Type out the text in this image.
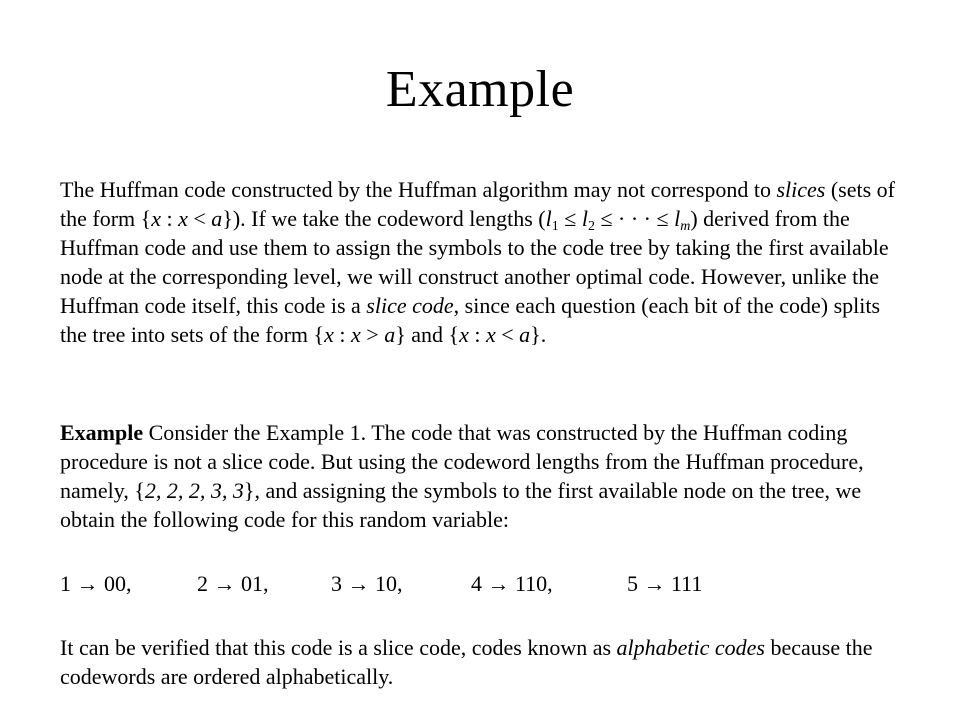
Example

The Huffman code constructed by the Huffman algorithm may not correspond to slices (sets of the form {x : x < a}). If we take the codeword lengths ($l_1 \le l_2$ ≤ · · · ≤ $l_m$) derived from the Huffman code and use them to assign the symbols to the code tree by taking the first available node at the corresponding level, we will construct another optimal code. However, unlike the Huffman code itself, this code is a slice code, since each question (each bit of the code) splits the tree into sets of the form {x : x > a} and {x : x < a}.

Example Consider the Example 1. The code that was constructed by the Huffman coding procedure is not a slice code. But using the codeword lengths from the Huffman procedure, namely, {2, 2, 2, 3, 3}, and assigning the symbols to the first available node on the tree, we obtain the following code for this random variable:

1 → 00,	2 → 01,	3 → 10,	4 → 110,	5 → 111

It can be verified that this code is a slice code, codes known as alphabetic codes because the codewords are ordered alphabetically.
